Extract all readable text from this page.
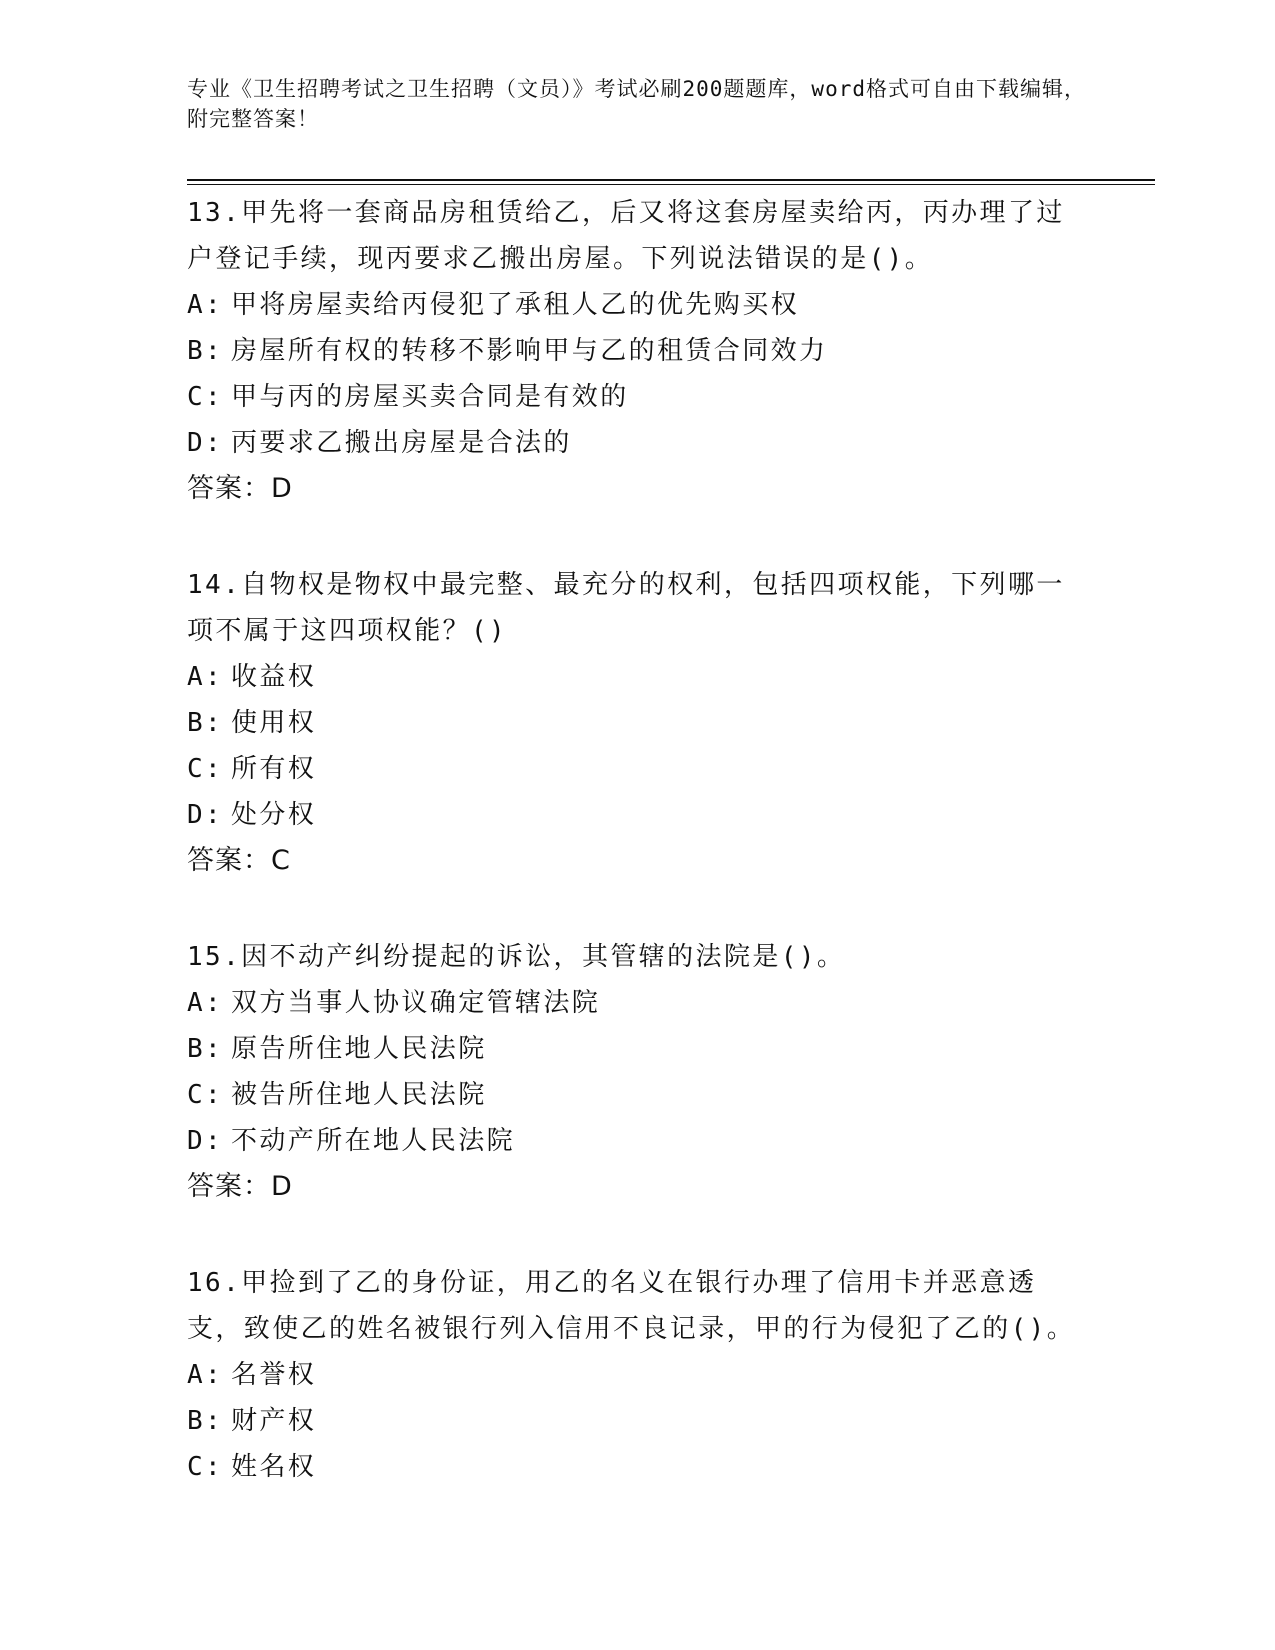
专业《卫生招聘考试之卫生招聘（文员）》考试必刷200题题库，word格式可自由下载编辑，附完整答案！
13.甲先将一套商品房租赁给乙，后又将这套房屋卖给丙，丙办理了过户登记手续，现丙要求乙搬出房屋。下列说法错误的是()。
A: 甲将房屋卖给丙侵犯了承租人乙的优先购买权
B: 房屋所有权的转移不影响甲与乙的租赁合同效力
C: 甲与丙的房屋买卖合同是有效的
D: 丙要求乙搬出房屋是合法的
答案：D
14.自物权是物权中最完整、最充分的权利，包括四项权能，下列哪一项不属于这四项权能？()
A: 收益权
B: 使用权
C: 所有权
D: 处分权
答案：C
15.因不动产纠纷提起的诉讼，其管辖的法院是()。
A: 双方当事人协议确定管辖法院
B: 原告所住地人民法院
C: 被告所住地人民法院
D: 不动产所在地人民法院
答案：D
16.甲捡到了乙的身份证，用乙的名义在银行办理了信用卡并恶意透支，致使乙的姓名被银行列入信用不良记录，甲的行为侵犯了乙的()。
A: 名誉权
B: 财产权
C: 姓名权
